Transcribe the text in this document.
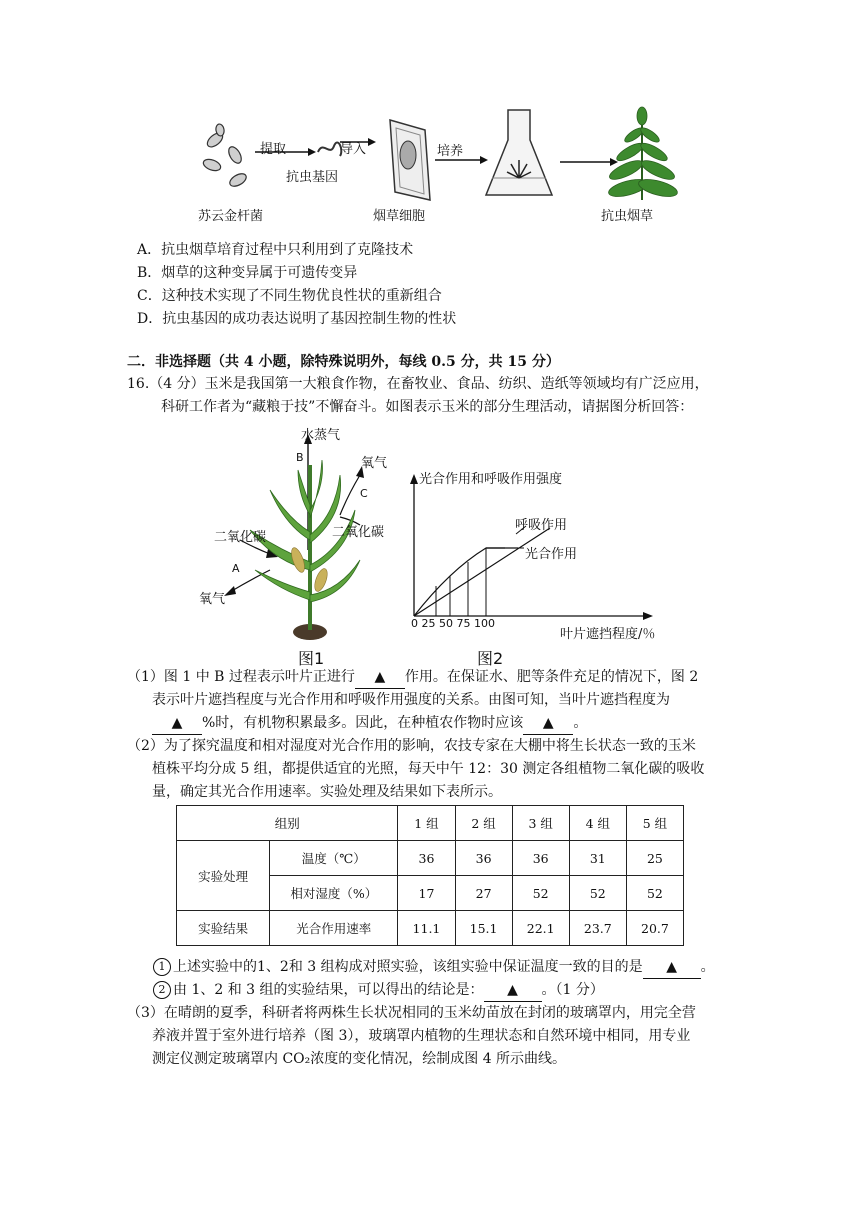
苏云金杆菌
提取
抗虫基因
导入
烟草细胞
培养
抗虫烟草
A．抗虫烟草培育过程中只利用到了克隆技术
B．烟草的这种变异属于可遗传变异
C．这种技术实现了不同生物优良性状的重新组合
D．抗虫基因的成功表达说明了基因控制生物的性状
二．非选择题（共 4 小题，除特殊说明外，每线 0.5 分，共 15 分）
16.（4 分）玉米是我国第一大粮食作物，在畜牧业、食品、纺织、造纸等领域均有广泛应用，
科研工作者为“藏粮于技”不懈奋斗。如图表示玉米的部分生理活动，请据图分析回答：
水蒸气
B	氧气
C
二氧化碳
二氧化碳
A
氧气
图1
光合作用和呼吸作用强度
呼吸作用
光合作用
0 25 50 75 100
叶片遮挡程度/％
图2
（1）图 1 中 B 过程表示叶片正进行 ▲ 作用。在保证水、肥等条件充足的情况下，图 2
表示叶片遮挡程度与光合作用和呼吸作用强度的关系。由图可知，当叶片遮挡程度为
▲ %时，有机物积累最多。因此，在种植农作物时应该 ▲ 。
（2）为了探究温度和相对湿度对光合作用的影响，农技专家在大棚中将生长状态一致的玉米
植株平均分成 5 组，都提供适宜的光照，每天中午 12：30 测定各组植物二氧化碳的吸收
量，确定其光合作用速率。实验处理及结果如下表所示。
组别		1 组	2 组	3 组	4 组	5 组
实验处理	温度（℃）	36	36	36	31	25
	相对湿度（%）	17	27	52	52	52
实验结果	光合作用速率	11.1	15.1	22.1	23.7	20.7
1 上述实验中的1、2和 3 组构成对照实验，该组实验中保证温度一致的目的是 ▲ 。
2 由 1、2 和 3 组的实验结果，可以得出的结论是： ▲ 。（1 分）
（3）在晴朗的夏季，科研者将两株生长状况相同的玉米幼苗放在封闭的玻璃罩内，用完全营
养液并置于室外进行培养（图 3），玻璃罩内植物的生理状态和自然环境中相同，用专业
测定仪测定玻璃罩内 CO₂浓度的变化情况，绘制成图 4 所示曲线。
